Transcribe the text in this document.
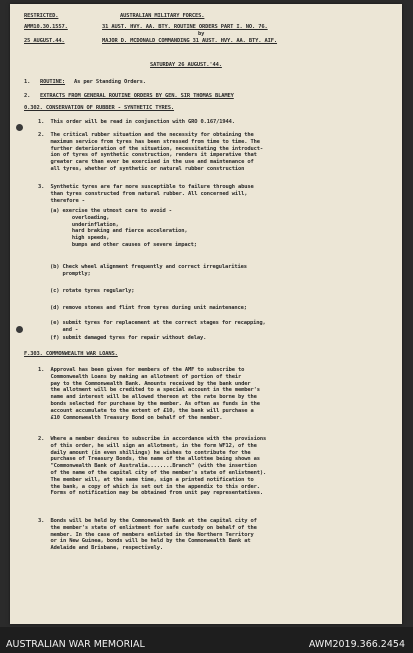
RESTRICTED.	AUSTRALIAN MILITARY FORCES.
AMM10.30.1557.	31 AUST. HVY. AA. BTY. ROUTINE ORDERS PART I. NO. 76.
by
25 AUGUST.44.	MAJOR D. MCDONALD COMMANDING 31 AUST. HVY. AA. BTY. AIF.
SATURDAY 26 AUGUST.'44.
1. ROUTINE: As per Standing Orders.
2. EXTRACTS FROM GENERAL ROUTINE ORDERS BY GEN. SIR THOMAS BLAMEY
0.302. CONSERVATION OF RUBBER - SYNTHETIC TYRES.
1.  This order will be read in conjunction with GRO 0.167/1944.
2.  The critical rubber situation and the necessity for obtaining the
maximum service from tyres has been stressed from time to time. The
further deterioration of the situation, necessitating the introduct-
ion of tyres of synthetic construction, renders it imperative that
greater care than ever be exercised in the use and maintenance of
all tyres, whether of synthetic or natural rubber construction
3.  Synthetic tyres are far more susceptible to failure through abuse
than tyres constructed from natural rubber. All concerned will,
therefore -
(a) exercise the utmost care to avoid -
overloading,
underinflation,
hard braking and fierce acceleration,
high speeds,
bumps and other causes of severe impact;
(b) Check wheel alignment frequently and correct irregularities
promptly;
(c) rotate tyres regularly;
(d) remove stones and flint from tyres during unit maintenance;
(e) submit tyres for replacement at the correct stages for recapping,
and -
(f) submit damaged tyres for repair without delay.
F.303. COMMONWEALTH WAR LOANS.
1.  Approval has been given for members of the AMF to subscribe to
Commonwealth Loans by making an allotment of portion of their
pay to the Commonwealth Bank. Amounts received by the bank under
the allotment will be credited to a special account in the member's
name and interest will be allowed thereon at the rate borne by the
bonds selected for purchase by the member. As often as funds in the
account accumulate to the extent of £10, the bank will purchase a
£10 Commonwealth Treasury Bond on behalf of the member.
2.  Where a member desires to subscribe in accordance with the provisions
of this order, he will sign an allotment, in the form WF12, of the
daily amount (in even shillings) he wishes to contribute for the
purchase of Treasury Bonds, the name of the allottee being shown as
"Commonwealth Bank of Australia........Branch" (with the insertion
of the name of the capital city of the member's state of enlistment).
The member will, at the same time, sign a printed notification to
the bank, a copy of which is set out in the appendix to this order.
Forms of notification may be obtained from unit pay representatives.
3.  Bonds will be held by the Commonwealth Bank at the capital city of
the member's state of enlistment for safe custody on behalf of the
member. In the case of members enlisted in the Northern Territory
or in New Guinea, bonds will be held by the Commonwealth Bank at
Adelaide and Brisbane, respectively.
AUSTRALIAN WAR MEMORIAL	AWM2019.366.2454
